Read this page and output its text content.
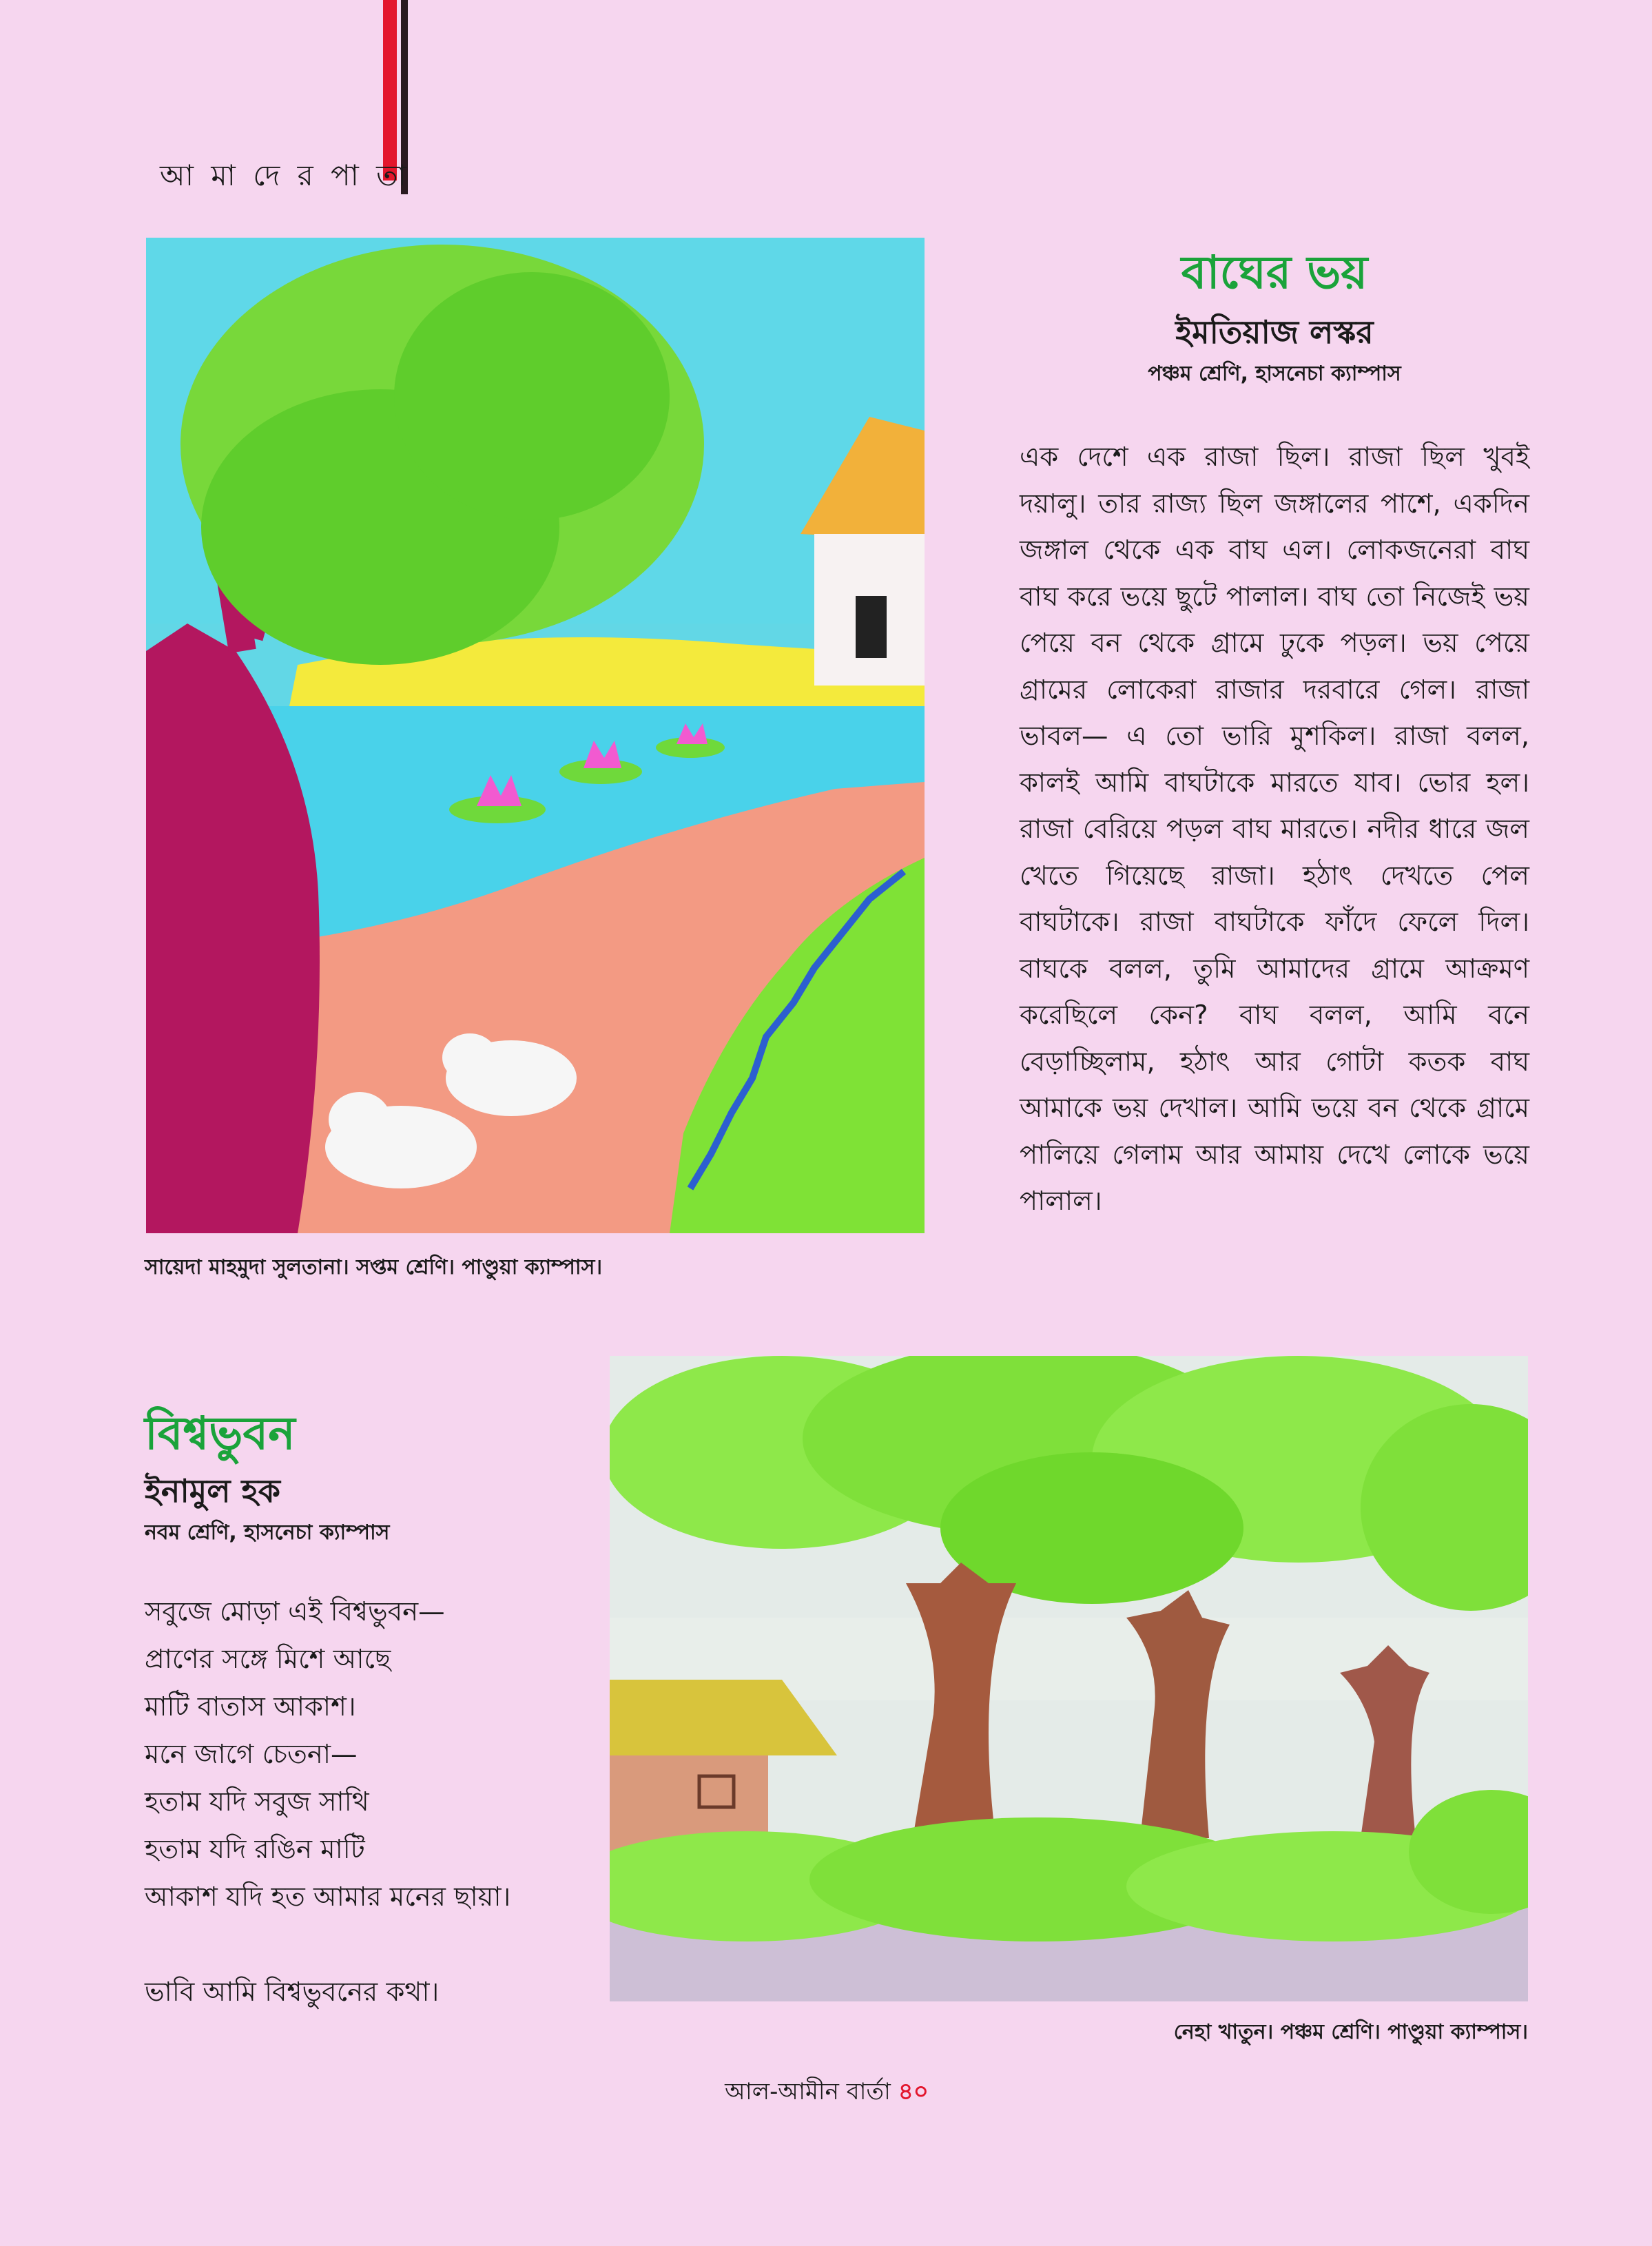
আ মা দে র পা তা
সায়েদা মাহমুদা সুলতানা। সপ্তম শ্রেণি। পাণ্ডুয়া ক্যাম্পাস।
বাঘের ভয়
ইমতিয়াজ লস্কর
পঞ্চম শ্রেণি, হাসনেচা ক্যাম্পাস
এক দেশে এক রাজা ছিল। রাজা ছিল খুবই দয়ালু। তার রাজ্য ছিল জঙ্গালের পাশে, একদিন জঙ্গাল থেকে এক বাঘ এল। লোকজনেরা বাঘ বাঘ করে ভয়ে ছুটে পালাল। বাঘ তো নিজেই ভয় পেয়ে বন থেকে গ্রামে ঢুকে পড়ল। ভয় পেয়ে গ্রামের লোকেরা রাজার দরবারে গেল। রাজা ভাবল— এ তো ভারি মুশকিল। রাজা বলল, কালই আমি বাঘটাকে মারতে যাব। ভোর হল। রাজা বেরিয়ে পড়ল বাঘ মারতে। নদীর ধারে জল খেতে গিয়েছে রাজা। হঠাৎ দেখতে পেল বাঘটাকে। রাজা বাঘটাকে ফাঁদে ফেলে দিল। বাঘকে বলল, তুমি আমাদের গ্রামে আক্রমণ করেছিলে কেন? বাঘ বলল, আমি বনে বেড়াচ্ছিলাম, হঠাৎ আর গোটা কতক বাঘ আমাকে ভয় দেখাল। আমি ভয়ে বন থেকে গ্রামে পালিয়ে গেলাম আর আমায় দেখে লোকে ভয়ে পালাল।
বিশ্বভুবন
ইনামুল হক
নবম শ্রেণি, হাসনেচা ক্যাম্পাস
সবুজে মোড়া এই বিশ্বভুবন—
প্রাণের সঙ্গে মিশে আছে
মাটি বাতাস আকাশ।
মনে জাগে চেতনা—
হতাম যদি সবুজ সাথি
হতাম যদি রঙিন মাটি
আকাশ যদি হত আমার মনের ছায়া।
ভাবি আমি বিশ্বভুবনের কথা।
নেহা খাতুন। পঞ্চম শ্রেণি। পাণ্ডুয়া ক্যাম্পাস।
আল-আমীন বার্তা ৪০
